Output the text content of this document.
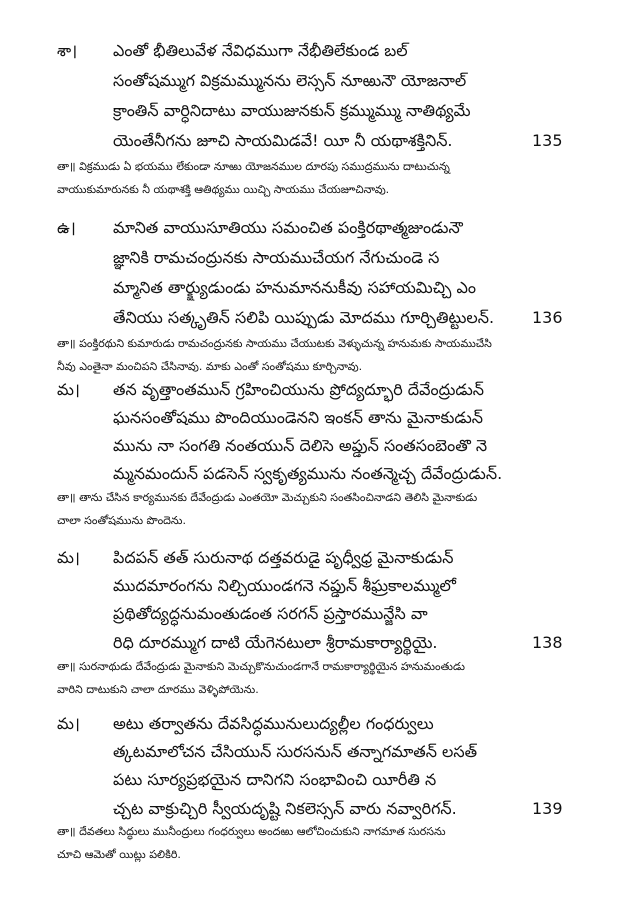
శా। ఎంతో భీతిలువేళ నేవిధముగా నేభీతిలేకుండ బల్
సంతోషమ్ముగ విక్రమమ్మునను లెస్సన్ నూఱునౌ యోజనాల్
క్రాంతిన్ వార్ధినిదాటు వాయుజునకున్ క్రమ్ముమ్ము నాతిథ్యమే
యెంతేనీగను జూచి సాయమిడవే! యీ నీ యథాశక్తినిన్.	135
తా॥ విక్రముడు ఏ భయము లేకుండా నూఱు యోజనముల దూరపు సముద్రమును దాటుచున్న
వాయుకుమారునకు నీ యథాశక్తి ఆతిథ్యము యిచ్చి సాయము చేయజూచినావు.
ఉ। మానిత వాయుసూతియు సమంచిత పంక్తిరథాత్మజుండునౌ
జ్ఞానికి రామచంద్రునకు సాయముచేయగ నేగుచుండె స
మ్మానిత తార్క్ష్యుడుండు హనుమాననుకీవు సహాయమిచ్చి ఎం
తేనియు సత్కృతిన్ సలిపి యిప్పుడు మోదము గూర్చితిట్టులన్. 136
తా॥ పంక్తిరథుని కుమారుడు రామచంద్రునకు సాయము చేయుటకు వెళ్ళుచున్న హనుమకు సాయముచేసి
నీవు ఎంతైనా మంచిపని చేసినావు. మాకు ఎంతో సంతోషము కూర్చినావు.
మ। తన వృత్తాంతమున్ గ్రహించియును ప్రోద్యద్భూరి దేవేంద్రుడున్
ఘనసంతోషము పొందియుండెనని ఇంకన్ తాను మైనాకుడున్
మును నా సంగతి నంతయున్ దెలిసె అప్డున్ సంతసంబెంతొ నె
మ్మనమందున్ పడసెన్ స్వకృత్యమును నంతన్మెచ్చ దేవేంద్రుడున్.
తా॥ తాను చేసిన కార్యమునకు దేవేంద్రుడు ఎంతయో మెచ్చుకుని సంతసించినాడని తెలిసి మైనాకుడు
చాలా సంతోషమును పొందెను.
మ। పిదపన్ తత్ సురునాథ దత్తవరుడై పృధ్వీధ్ర మైనాకుడున్
ముదమారంగను నిల్చియుండగనె నప్డున్ శీఘ్రకాలమ్ములో
ప్రథితోద్యద్ధనుమంతుడంత సరగన్ ప్రస్తారమున్జేసి వా
రిధి దూరమ్ముగ దాటి యేగెనటులా శ్రీరామకార్యార్థియై.	138
తా॥ సురనాథుడు దేవేంద్రుడు మైనాకుని మెచ్చుకొనుచుండగానే రామకార్యార్థియైన హనుమంతుడు
వారిని దాటుకుని చాలా దూరము వెళ్ళిపోయెను.
మ। అటు తర్వాతను దేవసిద్ధమునులుద్యల్లీల గంధర్వులు
త్కటమాలోచన చేసియున్ సురసనున్ తన్నాగమాతన్ లసత్
పటు సూర్యప్రభయైన దానిగని సంభావించి యీరీతి న
చ్చట వాక్రుచ్చిరి స్వీయదృష్టి నికలెస్సన్ వారు నవ్వారిగన్.	139
తా॥ దేవతలు సిద్ధులు మునీంద్రులు గంధర్వులు అందఱు ఆలోచించుకుని నాగమాత సురసను
చూచి ఆమెతో యిట్లు పలికిరి.
